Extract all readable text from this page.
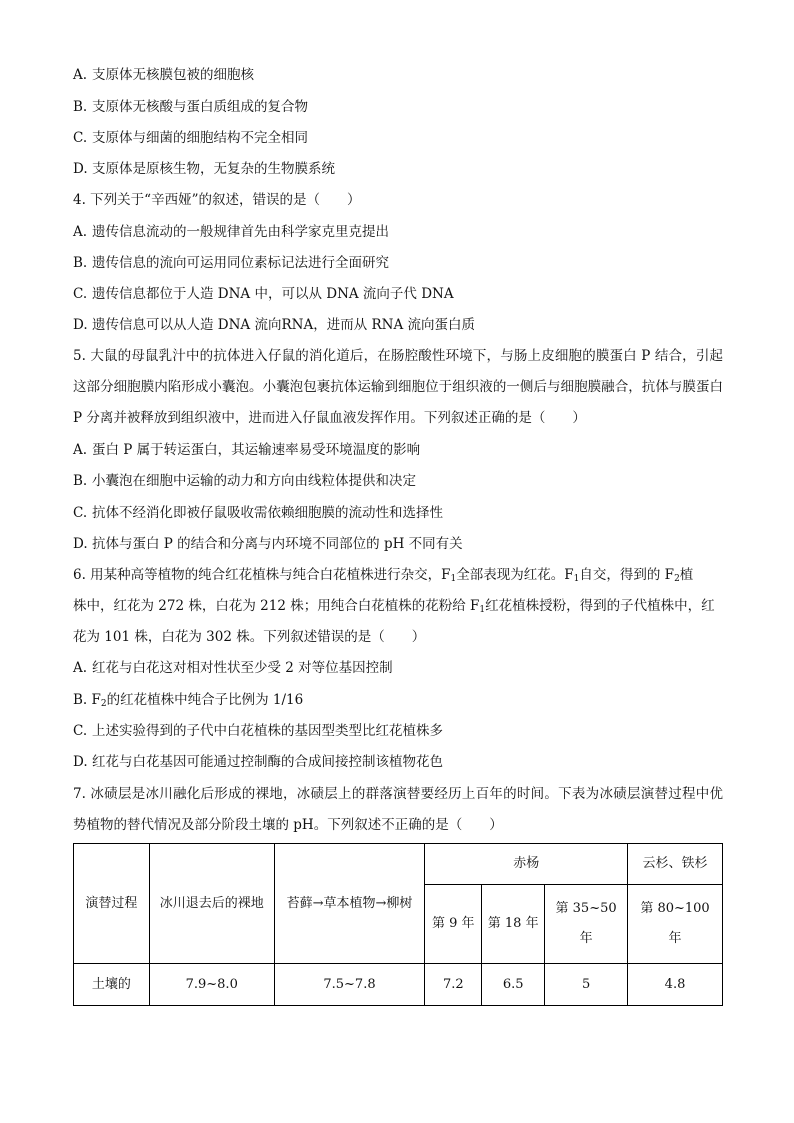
A. 支原体无核膜包被的细胞核
B. 支原体无核酸与蛋白质组成的复合物
C. 支原体与细菌的细胞结构不完全相同
D. 支原体是原核生物，无复杂的生物膜系统
4. 下列关于“辛西娅”的叙述，错误的是（　　）
A. 遗传信息流动的一般规律首先由科学家克里克提出
B. 遗传信息的流向可运用同位素标记法进行全面研究
C. 遗传信息都位于人造 DNA 中，可以从 DNA 流向子代 DNA
D. 遗传信息可以从人造 DNA 流向RNA，进而从 RNA 流向蛋白质
5. 大鼠的母鼠乳汁中的抗体进入仔鼠的消化道后，在肠腔酸性环境下，与肠上皮细胞的膜蛋白 P 结合，引起这部分细胞膜内陷形成小囊泡。小囊泡包裹抗体运输到细胞位于组织液的一侧后与细胞膜融合，抗体与膜蛋白 P 分离并被释放到组织液中，进而进入仔鼠血液发挥作用。下列叙述正确的是（　　）
A. 蛋白 P 属于转运蛋白，其运输速率易受环境温度的影响
B. 小囊泡在细胞中运输的动力和方向由线粒体提供和决定
C. 抗体不经消化即被仔鼠吸收需依赖细胞膜的流动性和选择性
D. 抗体与蛋白 P 的结合和分离与内环境不同部位的 pH 不同有关
6. 用某种高等植物的纯合红花植株与纯合白花植株进行杂交，$F_1$全部表现为红花。$F_1$自交，得到的 $F_2$植
株中，红花为 272 株，白花为 212 株；用纯合白花植株的花粉给 $F_1$红花植株授粉，得到的子代植株中，红
花为 101 株，白花为 302 株。下列叙述错误的是（　　）
A. 红花与白花这对相对性状至少受 2 对等位基因控制
B. $F_2$的红花植株中纯合子比例为 1/16
C. 上述实验得到的子代中白花植株的基因型类型比红花植株多
D. 红花与白花基因可能通过控制酶的合成间接控制该植物花色
7. 冰碛层是冰川融化后形成的裸地，冰碛层上的群落演替要经历上百年的时间。下表为冰碛层演替过程中优势植物的替代情况及部分阶段土壤的 pH。下列叙述不正确的是（　　）
演替过程	冰川退去后的裸地	苔藓→草本植物→柳树	赤杨			云杉、铁杉
			第 9 年	第 18 年	第 35~50 年	第 80~100 年
土壤的	7.9~8.0	7.5~7.8	7.2	6.5	5	4.8
